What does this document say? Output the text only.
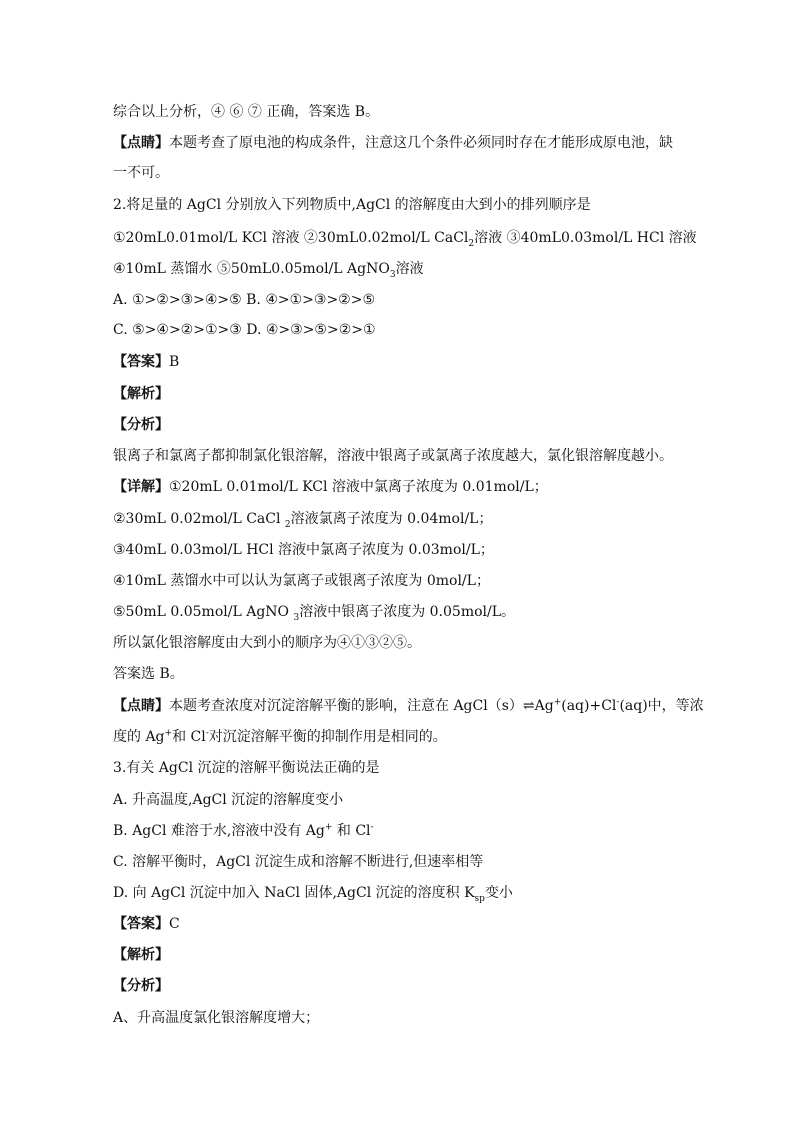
综合以上分析，④ ⑥ ⑦ 正确，答案选 B。
【点睛】本题考查了原电池的构成条件，注意这几个条件必须同时存在才能形成原电池，缺
一不可。
2.将足量的 AgCl 分别放入下列物质中,AgCl 的溶解度由大到小的排列顺序是
①20mL0.01mol/L KCl 溶液 ②30mL0.02mol/L CaCl$_2$溶液 ③40mL0.03mol/L HCl 溶液
④10mL 蒸馏水 ⑤50mL0.05mol/L AgNO$_3$溶液
A. ①>②>③>④>⑤ B. ④>①>③>②>⑤
C. ⑤>④>②>①>③ D. ④>③>⑤>②>①
【答案】B
【解析】
【分析】
银离子和氯离子都抑制氯化银溶解，溶液中银离子或氯离子浓度越大，氯化银溶解度越小。
【详解】①20mL 0.01mol/L KCl 溶液中氯离子浓度为 0.01mol/L；
②30mL 0.02mol/L CaCl $_2$溶液氯离子浓度为 0.04mol/L；
③40mL 0.03mol/L HCl 溶液中氯离子浓度为 0.03mol/L；
④10mL 蒸馏水中可以认为氯离子或银离子浓度为 0mol/L；
⑤50mL 0.05mol/L AgNO $_3$溶液中银离子浓度为 0.05mol/L。
所以氯化银溶解度由大到小的顺序为④①③②⑤。
答案选 B。
【点睛】本题考查浓度对沉淀溶解平衡的影响，注意在 AgCl（s）⇌Ag+(aq)+Cl-(aq)中，等浓
度的 Ag+和 Cl-对沉淀溶解平衡的抑制作用是相同的。
3.有关 AgCl 沉淀的溶解平衡说法正确的是
A. 升高温度,AgCl 沉淀的溶解度变小
B. AgCl 难溶于水,溶液中没有 Ag+ 和 Cl-
C. 溶解平衡时，AgCl 沉淀生成和溶解不断进行,但速率相等
D. 向 AgCl 沉淀中加入 NaCl 固体,AgCl 沉淀的溶度积 $K_{sp}$变小
【答案】C
【解析】
【分析】
A、升高温度氯化银溶解度增大；
